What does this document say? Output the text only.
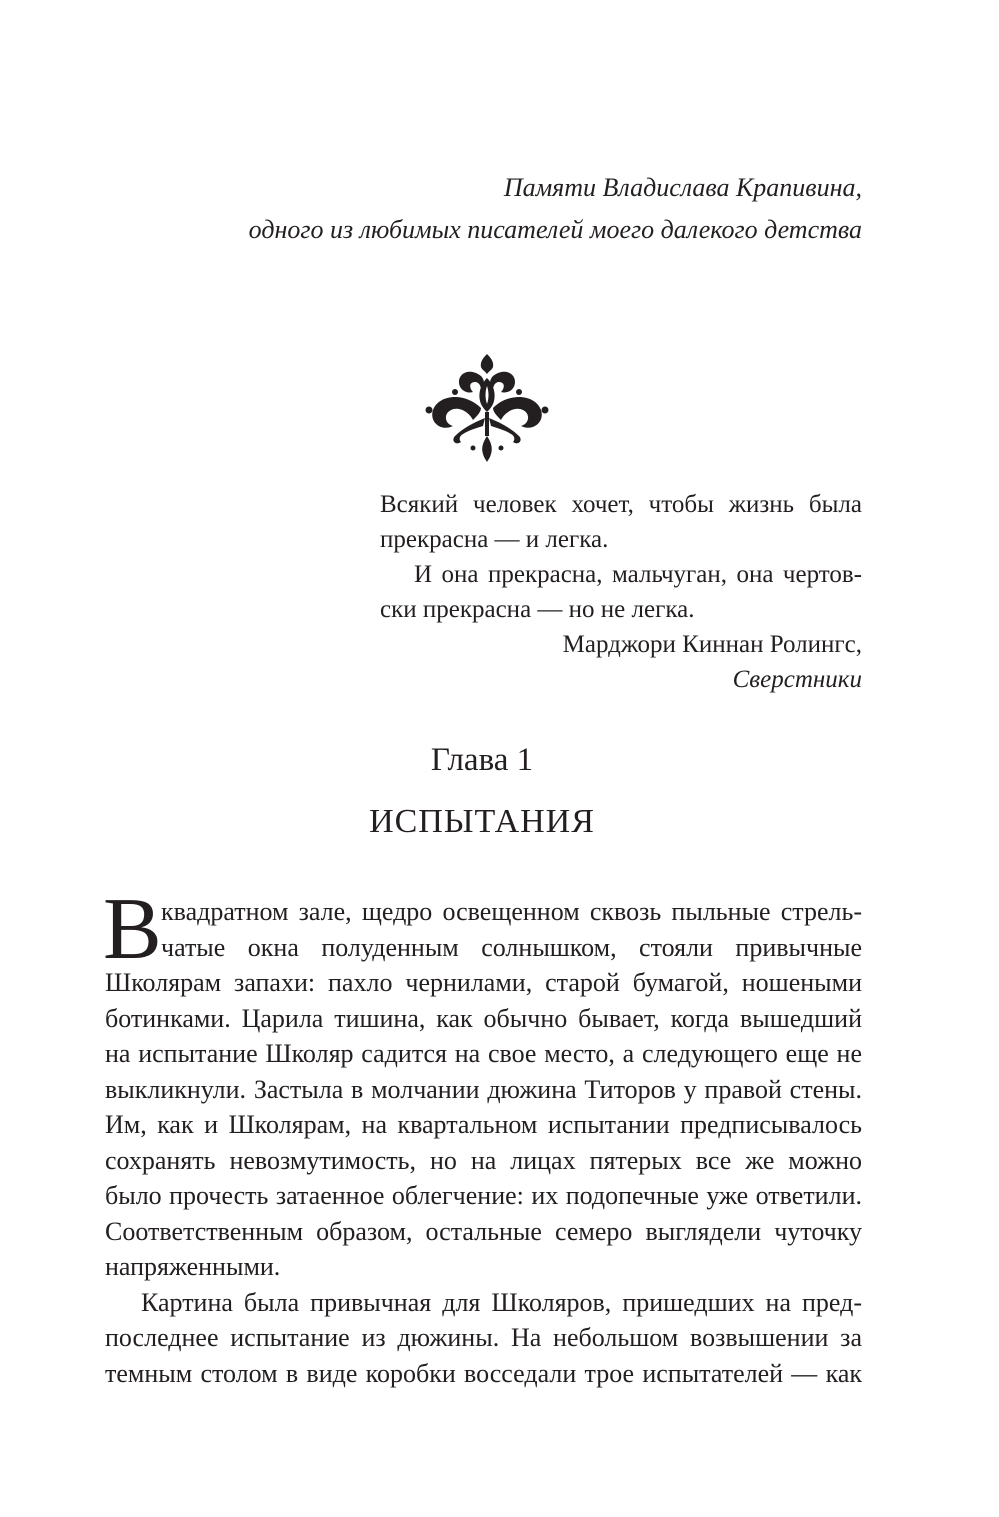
Памяти Владислава Крапивина,
одного из любимых писателей моего далекого детства
Всякий человек хочет, чтобы жизнь была
прекрасна — и легка.
И она прекрасна, мальчуган, она чертов-
ски прекрасна — но не легка.
Марджори Киннан Ролингс,
Сверстники
Глава 1
ИСПЫТАНИЯ
В квадратном зале, щедро освещенном сквозь пыльные стрель-
чатые окна полуденным солнышком, стояли привычные
Школярам запахи: пахло чернилами, старой бумагой, ношеными
ботинками. Царила тишина, как обычно бывает, когда вышедший
на испытание Школяр садится на свое место, а следующего еще не
выкликнули. Застыла в молчании дюжина Титоров у правой стены.
Им, как и Школярам, на квартальном испытании предписывалось
сохранять невозмутимость, но на лицах пятерых все же можно
было прочесть затаенное облегчение: их подопечные уже ответили.
Соответственным образом, остальные семеро выглядели чуточку
напряженными.
Картина была привычная для Школяров, пришедших на пред-
последнее испытание из дюжины. На небольшом возвышении за
темным столом в виде коробки восседали трое испытателей — как
